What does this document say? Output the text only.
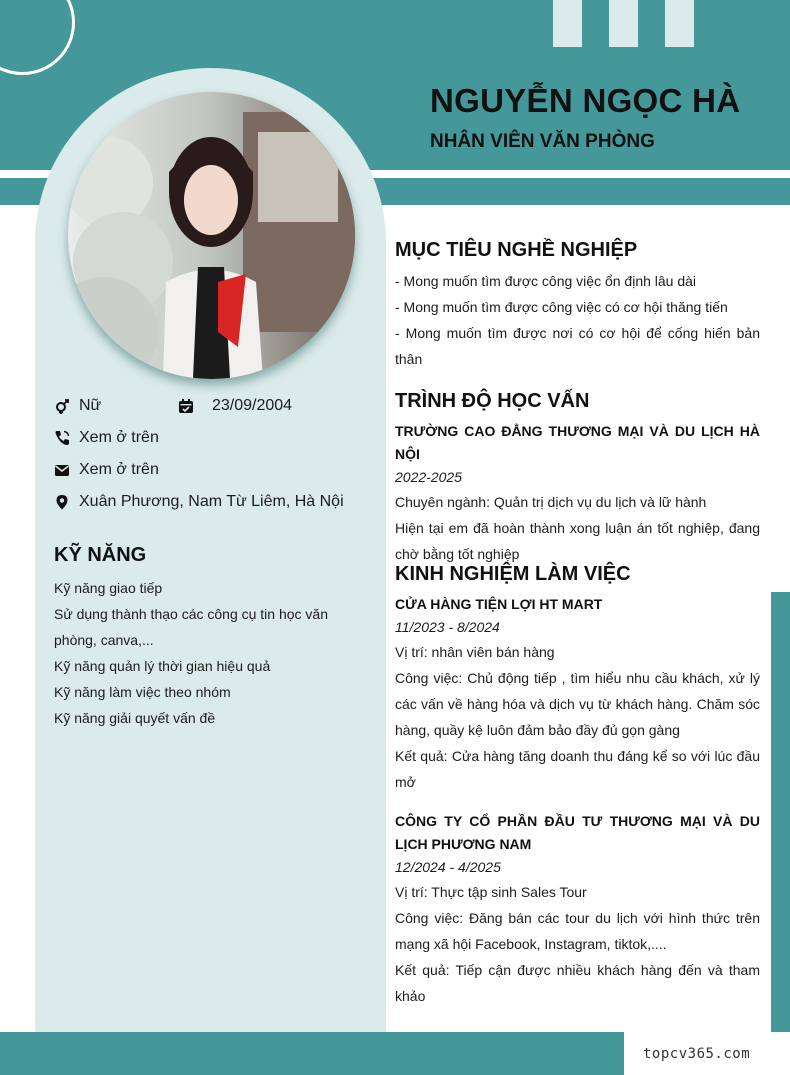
NGUYỄN NGỌC HÀ
NHÂN VIÊN VĂN PHÒNG
Nữ	23/09/2004
Xem ở trên
Xem ở trên
Xuân Phương, Nam Từ Liêm, Hà Nội
KỸ NĂNG
Kỹ năng giao tiếp
Sử dụng thành thạo các công cụ tin học văn phòng, canva,...
Kỹ năng quản lý thời gian hiệu quả
Kỹ năng làm việc theo nhóm
Kỹ năng giải quyết vấn đề
MỤC TIÊU NGHỀ NGHIỆP
- Mong muốn tìm được công việc ổn định lâu dài
- Mong muốn tìm được công việc có cơ hội thăng tiến
- Mong muốn tìm được nơi có cơ hội để cống hiến bản thân
TRÌNH ĐỘ HỌC VẤN
TRƯỜNG CAO ĐẲNG THƯƠNG MẠI VÀ DU LỊCH HÀ NỘI
2022-2025
Chuyên ngành: Quản trị dịch vụ du lịch và lữ hành
Hiện tại em đã hoàn thành xong luận án tốt nghiệp, đang chờ bằng tốt nghiệp
KINH NGHIỆM LÀM VIỆC
CỬA HÀNG TIỆN LỢI HT MART
11/2023 - 8/2024
Vị trí: nhân viên bán hàng
Công việc: Chủ động tiếp , tìm hiểu nhu cầu khách, xử lý các vấn về hàng hóa và dịch vụ từ khách hàng. Chăm sóc hàng, quầy kệ luôn đảm bảo đầy đủ gọn gàng
Kết quả: Cửa hàng tăng doanh thu đáng kể so với lúc đầu mở
CÔNG TY CỔ PHẦN ĐẦU TƯ THƯƠNG MẠI VÀ DU LỊCH PHƯƠNG NAM
12/2024 - 4/2025
Vị trí: Thực tập sinh Sales Tour
Công việc: Đăng bán các tour du lịch với hình thức trên mạng xã hội Facebook, Instagram, tiktok,....
Kết quả: Tiếp cận được nhiều khách hàng đến và tham khảo
topcv365.com
